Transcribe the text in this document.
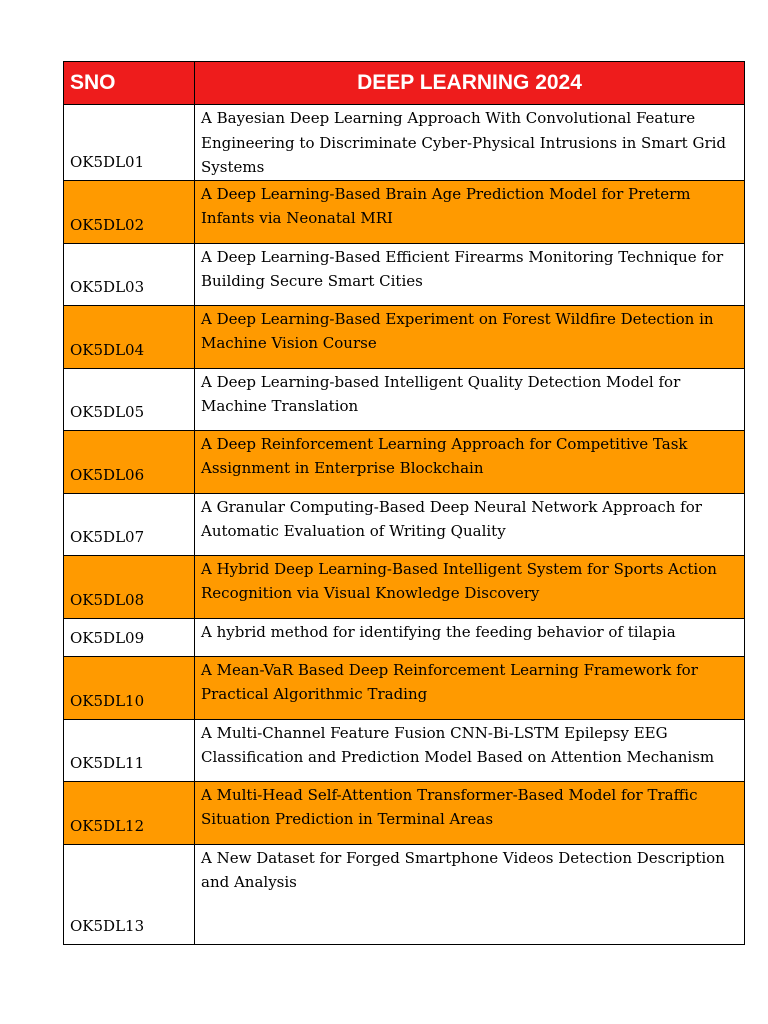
SNO	DEEP LEARNING 2024
OK5DL01	A Bayesian Deep Learning Approach With Convolutional Feature Engineering to Discriminate Cyber-Physical Intrusions in Smart Grid Systems
OK5DL02	A Deep Learning-Based Brain Age Prediction Model for Preterm Infants via Neonatal MRI
OK5DL03	A Deep Learning-Based Efficient Firearms Monitoring Technique for Building Secure Smart Cities
OK5DL04	A Deep Learning-Based Experiment on Forest Wildfire Detection in Machine Vision Course
OK5DL05	A Deep Learning-based Intelligent Quality Detection Model for Machine Translation
OK5DL06	A Deep Reinforcement Learning Approach for Competitive Task Assignment in Enterprise Blockchain
OK5DL07	A Granular Computing-Based Deep Neural Network Approach for Automatic Evaluation of Writing Quality
OK5DL08	A Hybrid Deep Learning-Based Intelligent System for Sports Action Recognition via Visual Knowledge Discovery
OK5DL09	A hybrid method for identifying the feeding behavior of tilapia
OK5DL10	A Mean-VaR Based Deep Reinforcement Learning Framework for Practical Algorithmic Trading
OK5DL11	A Multi-Channel Feature Fusion CNN-Bi-LSTM Epilepsy EEG Classification and Prediction Model Based on Attention Mechanism
OK5DL12	A Multi-Head Self-Attention Transformer-Based Model for Traffic Situation Prediction in Terminal Areas
OK5DL13	A New Dataset for Forged Smartphone Videos Detection Description and Analysis
